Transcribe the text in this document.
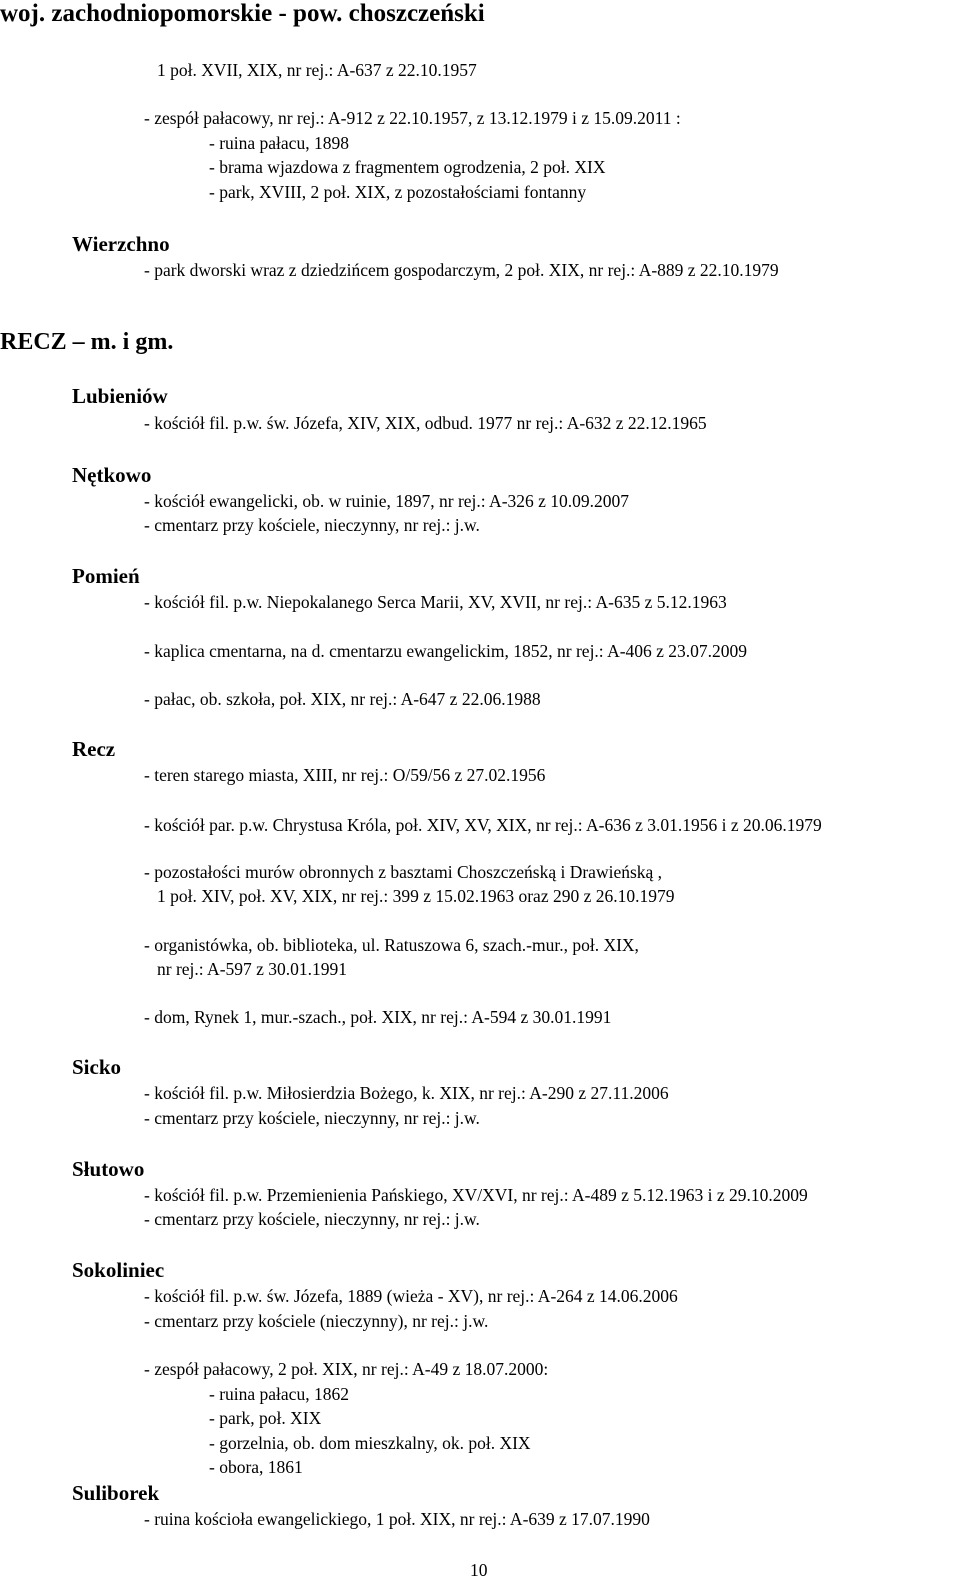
woj. zachodniopomorskie - pow. choszczeński
1 poł. XVII, XIX, nr rej.: A-637 z 22.10.1957
- zespół pałacowy, nr rej.: A-912 z 22.10.1957, z 13.12.1979 i z 15.09.2011 :
- ruina pałacu, 1898
- brama wjazdowa z fragmentem ogrodzenia, 2 poł. XIX
- park, XVIII, 2 poł. XIX, z pozostałościami fontanny
Wierzchno
- park dworski wraz z dziedzińcem gospodarczym, 2 poł. XIX, nr rej.: A-889 z 22.10.1979
RECZ – m. i gm.
Lubieniów
- kościół fil. p.w. św. Józefa, XIV, XIX, odbud. 1977 nr rej.: A-632 z 22.12.1965
Nętkowo
- kościół ewangelicki, ob. w ruinie, 1897, nr rej.: A-326 z 10.09.2007
- cmentarz przy kościele, nieczynny, nr rej.: j.w.
Pomień
- kościół fil. p.w. Niepokalanego Serca Marii, XV, XVII, nr rej.: A-635 z 5.12.1963
- kaplica cmentarna, na d. cmentarzu ewangelickim, 1852, nr rej.: A-406 z 23.07.2009
- pałac, ob. szkoła, poł. XIX, nr rej.: A-647 z 22.06.1988
Recz
- teren starego miasta, XIII, nr rej.: O/59/56 z 27.02.1956
- kościół par. p.w. Chrystusa Króla, poł. XIV, XV, XIX, nr rej.: A-636 z 3.01.1956 i z 20.06.1979
- pozostałości murów obronnych z basztami Choszczeńską i Drawieńską ,
1 poł. XIV, poł. XV, XIX, nr rej.: 399 z 15.02.1963 oraz 290 z 26.10.1979
- organistówka, ob. biblioteka, ul. Ratuszowa 6, szach.-mur., poł. XIX,
nr rej.: A-597 z 30.01.1991
- dom, Rynek 1, mur.-szach., poł. XIX, nr rej.: A-594 z 30.01.1991
Sicko
- kościół fil. p.w. Miłosierdzia Bożego, k. XIX, nr rej.: A-290 z 27.11.2006
- cmentarz przy kościele, nieczynny, nr rej.: j.w.
Słutowo
- kościół fil. p.w. Przemienienia Pańskiego, XV/XVI, nr rej.: A-489 z 5.12.1963 i z 29.10.2009
- cmentarz przy kościele, nieczynny, nr rej.: j.w.
Sokoliniec
- kościół fil. p.w. św. Józefa, 1889 (wieża - XV), nr rej.: A-264 z 14.06.2006
- cmentarz przy kościele (nieczynny), nr rej.: j.w.
- zespół pałacowy, 2 poł. XIX, nr rej.: A-49 z 18.07.2000:
- ruina pałacu, 1862
- park, poł. XIX
- gorzelnia, ob. dom mieszkalny, ok. poł. XIX
- obora, 1861
Suliborek
- ruina kościoła ewangelickiego, 1 poł. XIX, nr rej.: A-639 z 17.07.1990
10
